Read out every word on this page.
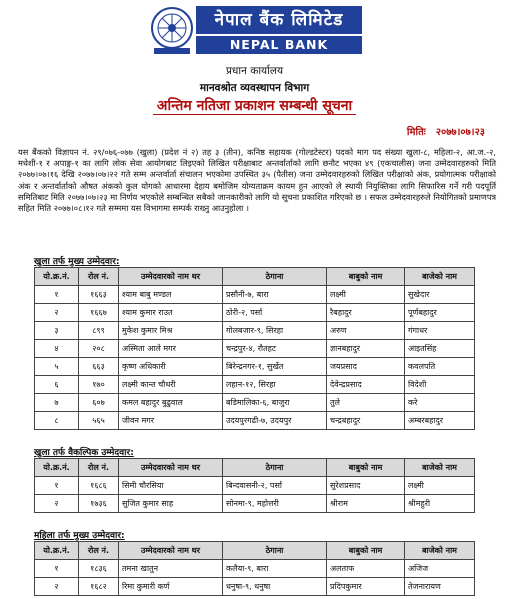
नेपाल बैंक लिमिटेड
NEPAL BANK LIMITED
प्रधान कार्यालय
मानवश्रोत व्यवस्थापन विभाग
अन्तिम नतिजा प्रकाशन सम्बन्धी सूचना
मितिः २०७७।०७।२३
यस बैंकको विज्ञापन नं. २९/०७६-०७७ (खुला) (प्रदेश नं २) तह ३ (तीन), कनिष्ठ सहायक (गोल्डटेस्टर) पदको माग पद संख्या खुला-८, महिला-२, आ.ज.-२, मधेशी-१ र अपाङ्ग-१ का लागि लोक सेवा आयोगबाट लिइएको लिखित परीक्षाबाट अन्तर्वार्ताको लागि छनौट भएका ४९ (एकचालीस) जना उम्मेदवारहरुको मिति २०७७।०७।१६ देखि २०७७।०७।२२ गते सम्म अन्तर्वार्ता संचालन भएकोमा उपस्थित ३५ (पैतीस) जना उम्मेदवारहरुको लिखित परीक्षाको अंक, प्रयोगात्मक परीक्षाको अंक र अन्तर्वार्ताको औषत अंकको कुल योगको आधारमा देहाय बमोजिम योग्यताक्रम कायम हुन आएको ले स्थायी नियुक्तिका लागि सिफारिस गर्ने गरी पदपूर्ति समितिबाट मिति २०७७।०७।२३ मा निर्णय भएकोले सम्बन्धित सबैको जानकारीको लागि यो सूचना प्रकाशित गरिएको छ । सफल उम्मेदवारहरुले नियोगितको प्रमाणपत्र सहित मिति २०७७।०८।१२ गते सम्ममा यस विभागमा सम्पर्क राख्नु आउनुहोला ।
खुला तर्फ मुख्य उम्मेदवार:
यो.क्र.नं.	रोल नं.	उम्मेदवारको नाम थर	ठेगाना	बाबुको नाम	बाजेको नाम
१	१६६३	श्याम बाबु मण्डल	प्रसौनी-७, बारा	लक्ष्मी	सुखेदार
२	१६६७	श्याम कुमार राउत	ठोरी-२, पर्सा	रैबहादुर	पूर्णबहादुर
३	८९९	मुकेश कुमार मिश्र	गोलबजार-९, सिरहा	अरुण	गंगाधर
४	२०८	अस्मिता आले मगर	चन्द्रपुर-४, रौतहट	ज्ञानबहादुर	आइतसिंह
५	६६३	कृष्ण अधिकारी	बिरेन्द्रनगर-१, सुर्खेत	जयप्रसाद	कवलपति
६	१७०	लक्ष्मी कान्त चौधरी	लहान-१२, सिरहा	देवेन्द्रप्रसाद	विदेशी
७	६०७	कमल बहादुर बुढुवाल	बडिमालिका-६, बाजुरा	तुले	करे
८	५६५	जीवन मगर	उदयपुरगढी-७, उदयपुर	चन्द्रबहादुर	अम्बरबहादुर
खुला तर्फ वैकल्पिक उम्मेदवार:
यो.क्र.नं.	रोल नं.	उम्मेदवारको नाम थर	ठेगाना	बाबुको नाम	बाजेको नाम
१	१६८६	सिमी चौरसिया	बिन्दवासनी-२, पर्सा	सुरेशप्रसाद	लक्ष्मी
२	१७३६	सुजित कुमार साह	सोनमा-९, महोत्तरी	श्रीराम	श्रीमहुरी
महिला तर्फ मुख्य उम्मेदवार:
यो.क्र.नं.	रोल नं.	उम्मेदवारको नाम थर	ठेगाना	बाबुको नाम	बाजेको नाम
१	१८३६	तमना खातुन	कलैया-९, बारा	अलताफ	अजिज
२	१६८२	रिमा कुमारी कर्ण	धनुषा-९, धनुषा	प्रदिपकुमार	तेजनारायण
